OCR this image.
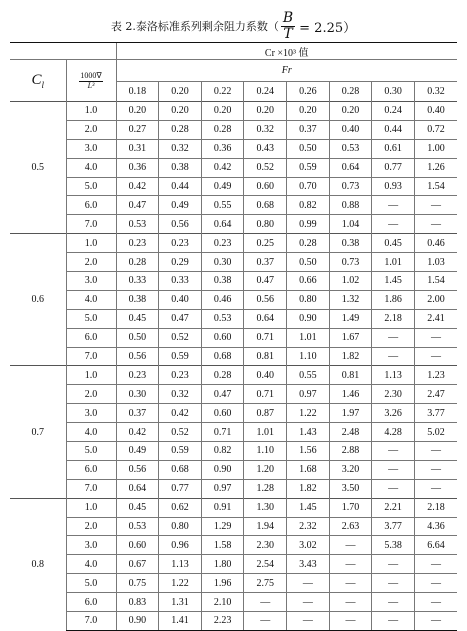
表 2.泰洛标准系列剩余阻力系数（ $\frac{B}{T} = 2.25$）
		Cr ×10³ 值							
$C_l$	$\frac{1000\nabla}{\text{L³}}$	Fr							
		0.18	0.20	0.22	0.24	0.26	0.28	0.30	0.32
0.5	1.0	0.20	0.20	0.20	0.20	0.20	0.20	0.24	0.40
	2.0	0.27	0.28	0.28	0.32	0.37	0.40	0.44	0.72
	3.0	0.31	0.32	0.36	0.43	0.50	0.53	0.61	1.00
	4.0	0.36	0.38	0.42	0.52	0.59	0.64	0.77	1.26
	5.0	0.42	0.44	0.49	0.60	0.70	0.73	0.93	1.54
	6.0	0.47	0.49	0.55	0.68	0.82	0.88	—	—
	7.0	0.53	0.56	0.64	0.80	0.99	1.04	—	—
0.6	1.0	0.23	0.23	0.23	0.25	0.28	0.38	0.45	0.46
	2.0	0.28	0.29	0.30	0.37	0.50	0.73	1.01	1.03
	3.0	0.33	0.33	0.38	0.47	0.66	1.02	1.45	1.54
	4.0	0.38	0.40	0.46	0.56	0.80	1.32	1.86	2.00
	5.0	0.45	0.47	0.53	0.64	0.90	1.49	2.18	2.41
	6.0	0.50	0.52	0.60	0.71	1.01	1.67	—	—
	7.0	0.56	0.59	0.68	0.81	1.10	1.82	—	—
0.7	1.0	0.23	0.23	0.28	0.40	0.55	0.81	1.13	1.23
	2.0	0.30	0.32	0.47	0.71	0.97	1.46	2.30	2.47
	3.0	0.37	0.42	0.60	0.87	1.22	1.97	3.26	3.77
	4.0	0.42	0.52	0.71	1.01	1.43	2.48	4.28	5.02
	5.0	0.49	0.59	0.82	1.10	1.56	2.88	—	—
	6.0	0.56	0.68	0.90	1.20	1.68	3.20	—	—
	7.0	0.64	0.77	0.97	1.28	1.82	3.50	—	—
0.8	1.0	0.45	0.62	0.91	1.30	1.45	1.70	2.21	2.18
	2.0	0.53	0.80	1.29	1.94	2.32	2.63	3.77	4.36
	3.0	0.60	0.96	1.58	2.30	3.02	—	5.38	6.64
	4.0	0.67	1.13	1.80	2.54	3.43	—	—	—
	5.0	0.75	1.22	1.96	2.75	—	—	—	—
	6.0	0.83	1.31	2.10	—	—	—	—	—
	7.0	0.90	1.41	2.23	—	—	—	—	—
